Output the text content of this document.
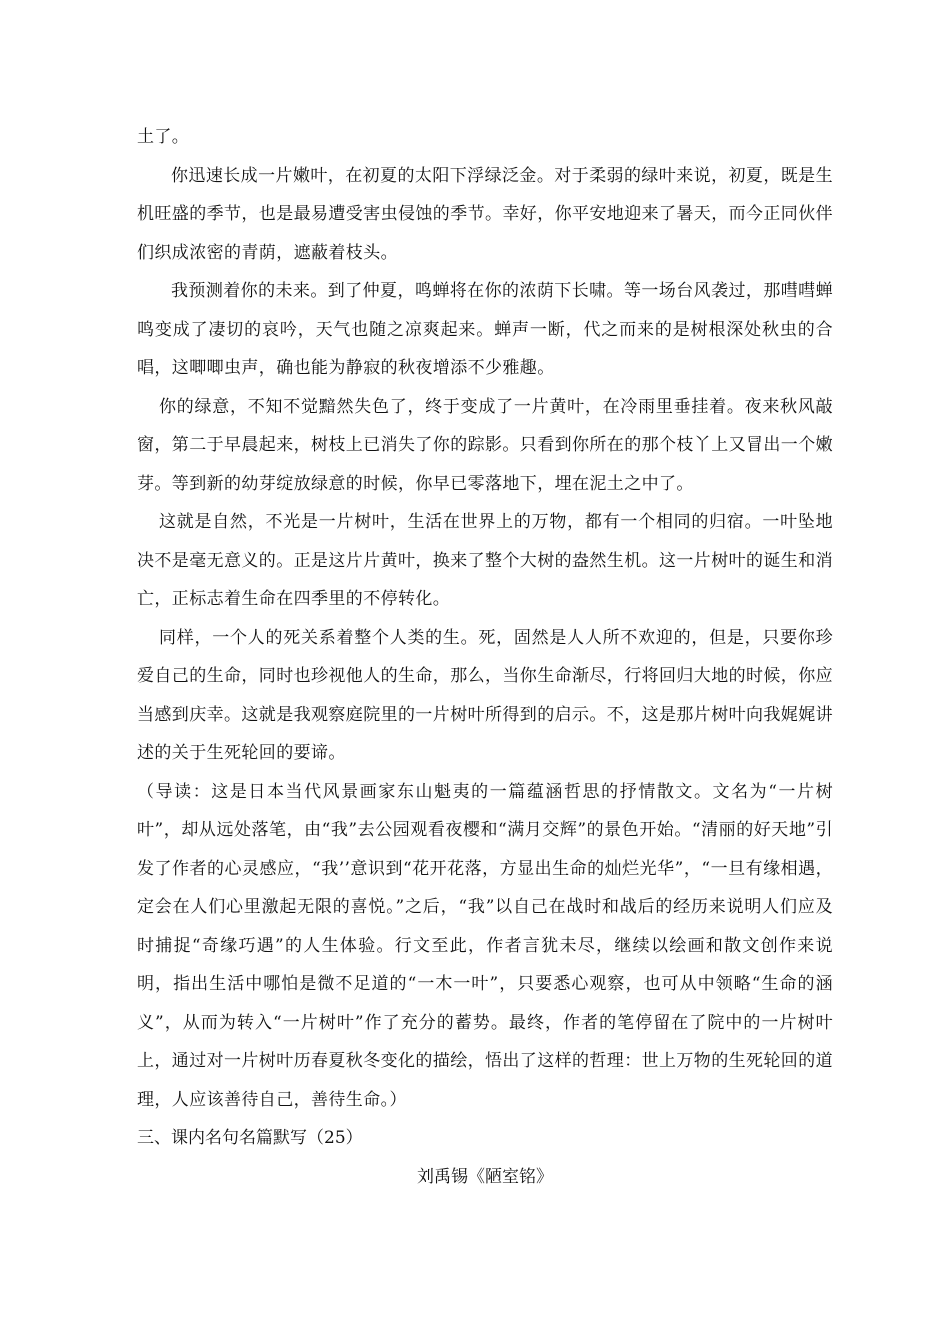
土了。

你迅速长成一片嫩叶，在初夏的太阳下浮绿泛金。对于柔弱的绿叶来说，初夏，既是生机旺盛的季节，也是最易遭受害虫侵蚀的季节。幸好，你平安地迎来了暑天，而今正同伙伴们织成浓密的青荫，遮蔽着枝头。

我预测着你的未来。到了仲夏，鸣蝉将在你的浓荫下长啸。等一场台风袭过，那嘒嘒蝉鸣变成了凄切的哀吟，天气也随之凉爽起来。蝉声一断，代之而来的是树根深处秋虫的合唱，这唧唧虫声，确也能为静寂的秋夜增添不少雅趣。

你的绿意，不知不觉黯然失色了，终于变成了一片黄叶，在冷雨里垂挂着。夜来秋风敲窗，第二于早晨起来，树枝上已消失了你的踪影。只看到你所在的那个枝丫上又冒出一个嫩芽。等到新的幼芽绽放绿意的时候，你早已零落地下，埋在泥土之中了。

这就是自然，不光是一片树叶，生活在世界上的万物，都有一个相同的归宿。一叶坠地决不是毫无意义的。正是这片片黄叶，换来了整个大树的盎然生机。这一片树叶的诞生和消亡，正标志着生命在四季里的不停转化。

同样，一个人的死关系着整个人类的生。死，固然是人人所不欢迎的，但是，只要你珍爱自己的生命，同时也珍视他人的生命，那么，当你生命渐尽，行将回归大地的时候，你应当感到庆幸。这就是我观察庭院里的一片树叶所得到的启示。不，这是那片树叶向我娓娓讲述的关于生死轮回的要谛。

（导读：这是日本当代风景画家东山魁夷的一篇蕴涵哲思的抒情散文。文名为“一片树叶”，却从远处落笔，由“我”去公园观看夜樱和“满月交辉”的景色开始。“清丽的好天地”引发了作者的心灵感应，“我’’意识到“花开花落，方显出生命的灿烂光华”，“一旦有缘相遇，定会在人们心里激起无限的喜悦。”之后，“我”以自己在战时和战后的经历来说明人们应及时捕捉“奇缘巧遇”的人生体验。行文至此，作者言犹未尽，继续以绘画和散文创作来说明，指出生活中哪怕是微不足道的“一木一叶”，只要悉心观察，也可从中领略“生命的涵义”，从而为转入“一片树叶”作了充分的蓄势。最终，作者的笔停留在了院中的一片树叶上，通过对一片树叶历春夏秋冬变化的描绘，悟出了这样的哲理：世上万物的生死轮回的道理，人应该善待自己，善待生命。）

三、课内名句名篇默写（25）

刘禹锡《陋室铭》
